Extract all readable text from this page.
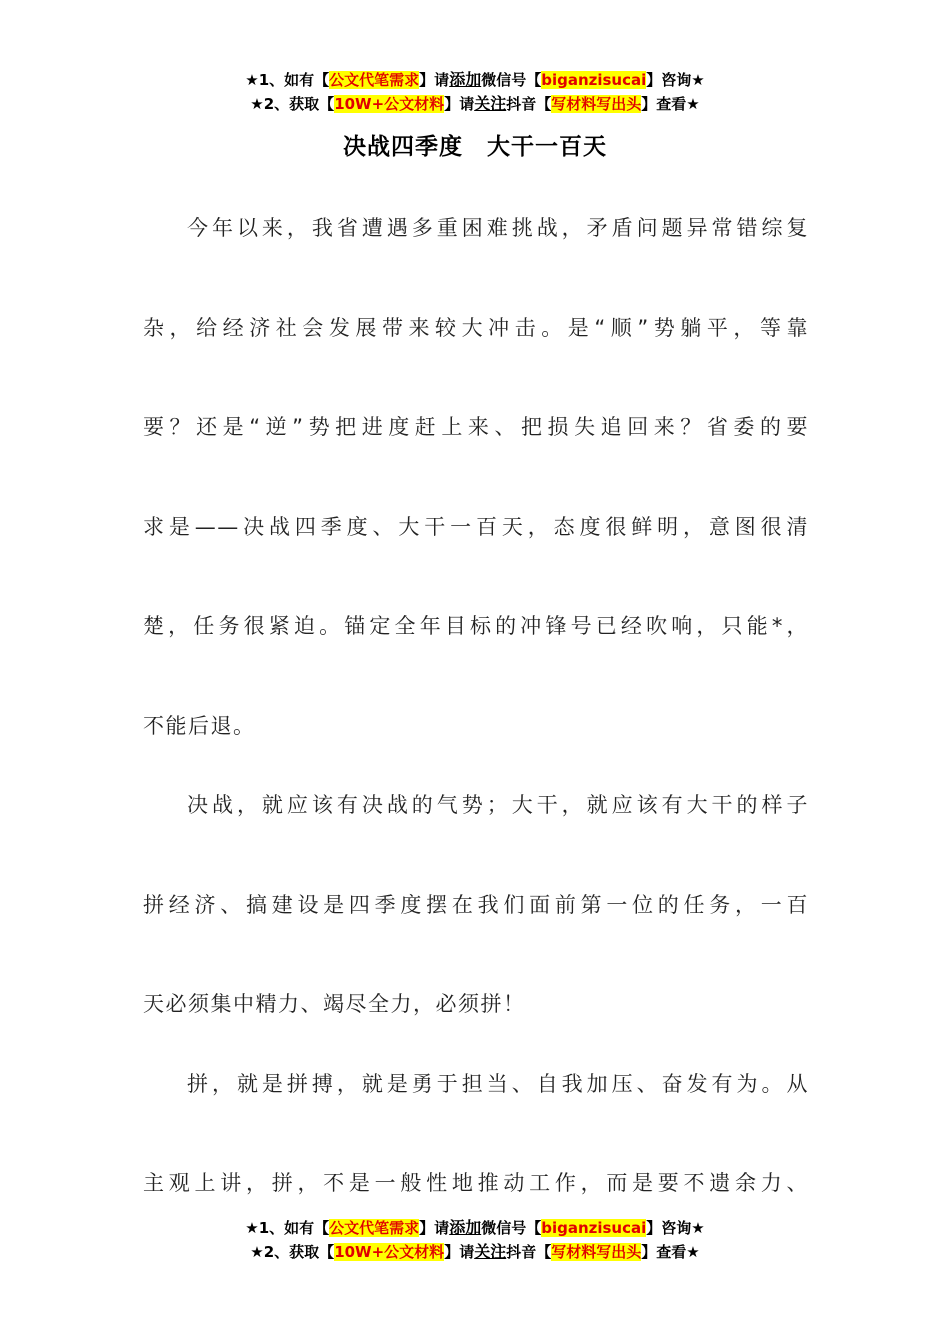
★1、如有【公文代笔需求】请添加微信号【biganzisucai】咨询★
★2、获取【10W+公文材料】请关注抖音【写材料写出头】查看★
决战四季度　大干一百天
今年以来，我省遭遇多重困难挑战，矛盾问题异常错综复
杂，给经济社会发展带来较大冲击。是“顺”势躺平，等靠
要？还是“逆”势把进度赶上来、把损失追回来？省委的要
求是——决战四季度、大干一百天，态度很鲜明，意图很清
楚，任务很紧迫。锚定全年目标的冲锋号已经吹响，只能*，
不能后退。
决战，就应该有决战的气势；大干，就应该有大干的样子
拼经济、搞建设是四季度摆在我们面前第一位的任务，一百
天必须集中精力、竭尽全力，必须拼！
拼，就是拼搏，就是勇于担当、自我加压、奋发有为。从
主观上讲，拼，不是一般性地推动工作，而是要不遗余力、
★1、如有【公文代笔需求】请添加微信号【biganzisucai】咨询★
★2、获取【10W+公文材料】请关注抖音【写材料写出头】查看★
